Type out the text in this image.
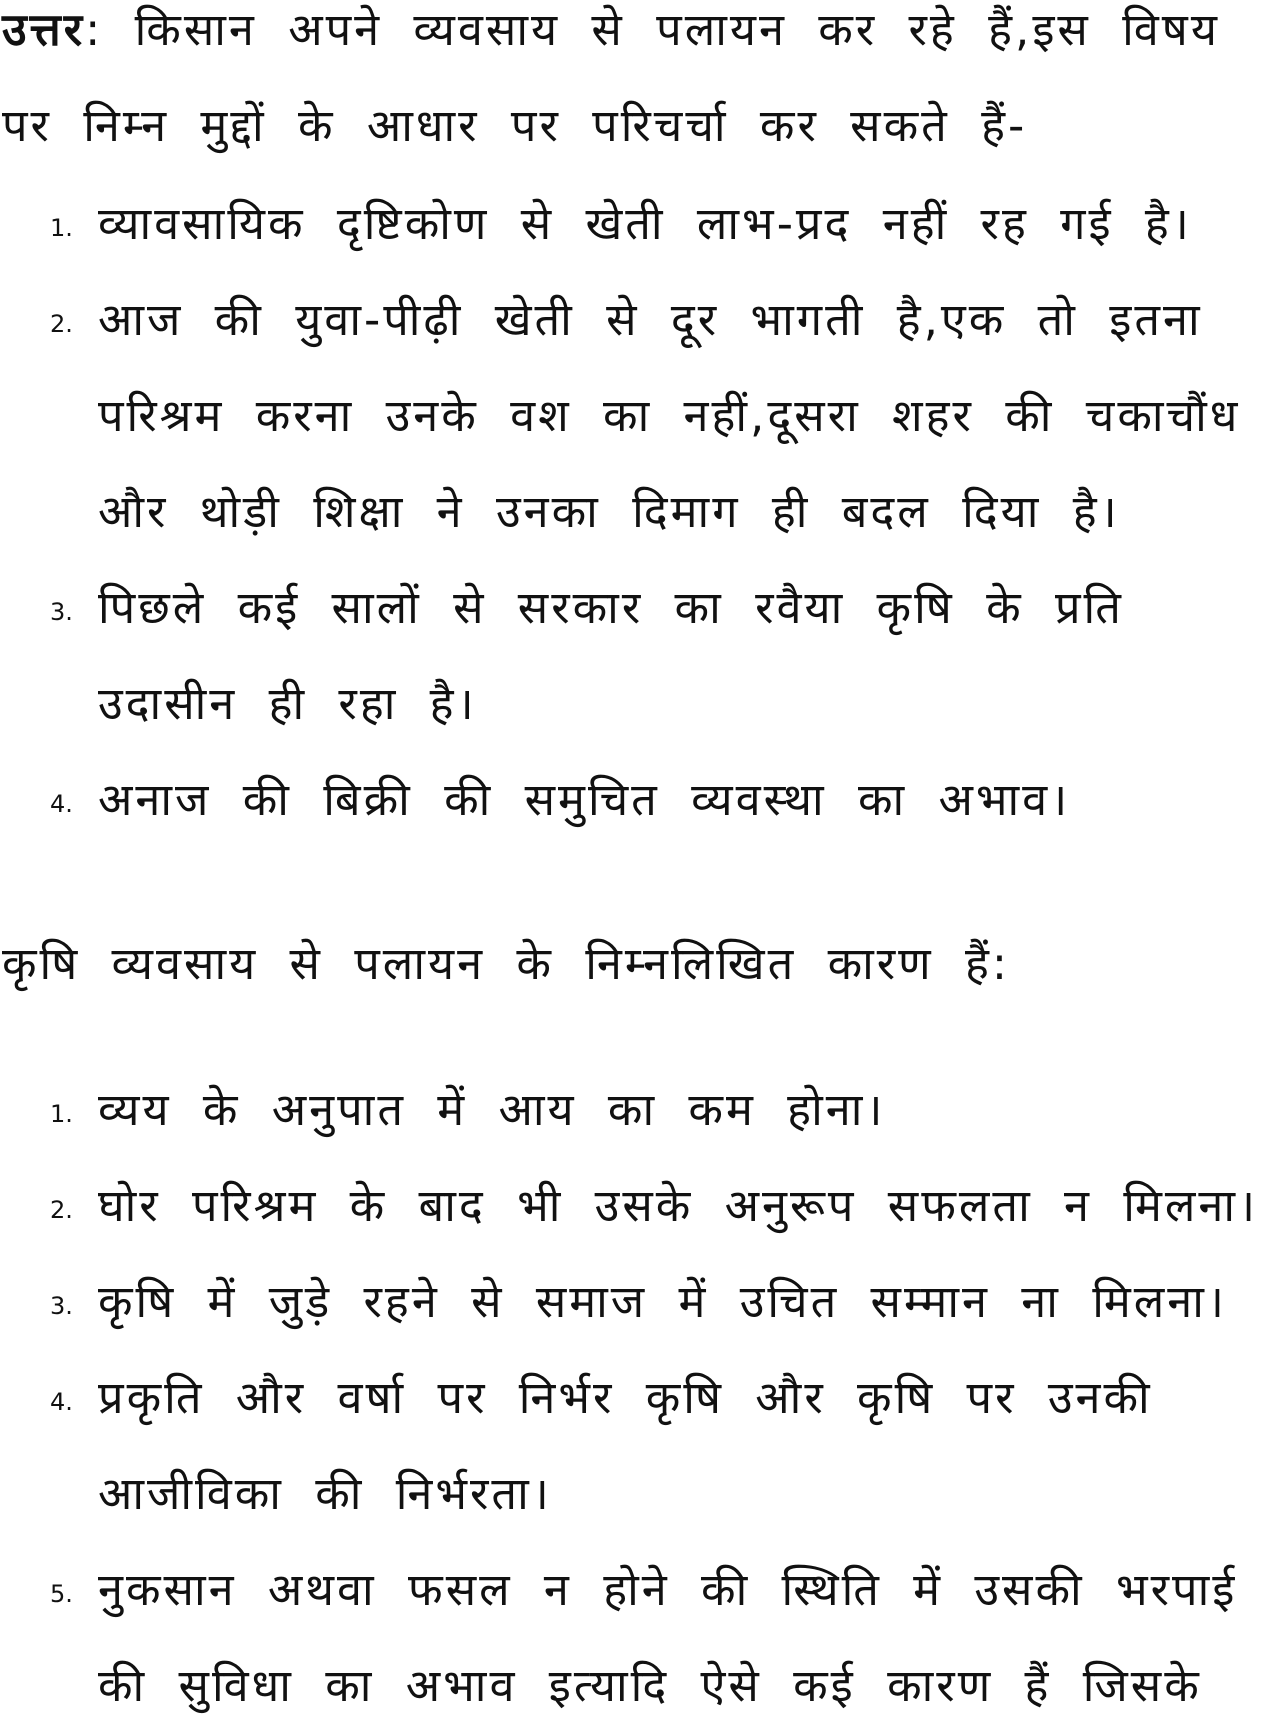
उत्तर: किसान अपने व्यवसाय से पलायन कर रहे हैं,इस विषय पर निम्न मुद्दों के आधार पर परिचर्चा कर सकते हैं-

1. व्यावसायिक दृष्टिकोण से खेती लाभ-प्रद नहीं रह गई है।
2. आज की युवा-पीढ़ी खेती से दूर भागती है,एक तो इतना परिश्रम करना उनके वश का नहीं,दूसरा शहर की चकाचौंध और थोड़ी शिक्षा ने उनका दिमाग ही बदल दिया है।
3. पिछले कई सालों से सरकार का रवैया कृषि के प्रति उदासीन ही रहा है।
4. अनाज की बिक्री की समुचित व्यवस्था का अभाव।

कृषि व्यवसाय से पलायन के निम्नलिखित कारण हैं:

1. व्यय के अनुपात में आय का कम होना।
2. घोर परिश्रम के बाद भी उसके अनुरूप सफलता न मिलना।
3. कृषि में जुड़े रहने से समाज में उचित सम्मान ना मिलना।
4. प्रकृति और वर्षा पर निर्भर कृषि और कृषि पर उनकी आजीविका की निर्भरता।
5. नुकसान अथवा फसल न होने की स्थिति में उसकी भरपाई की सुविधा का अभाव इत्यादि ऐसे कई कारण हैं जिसके
